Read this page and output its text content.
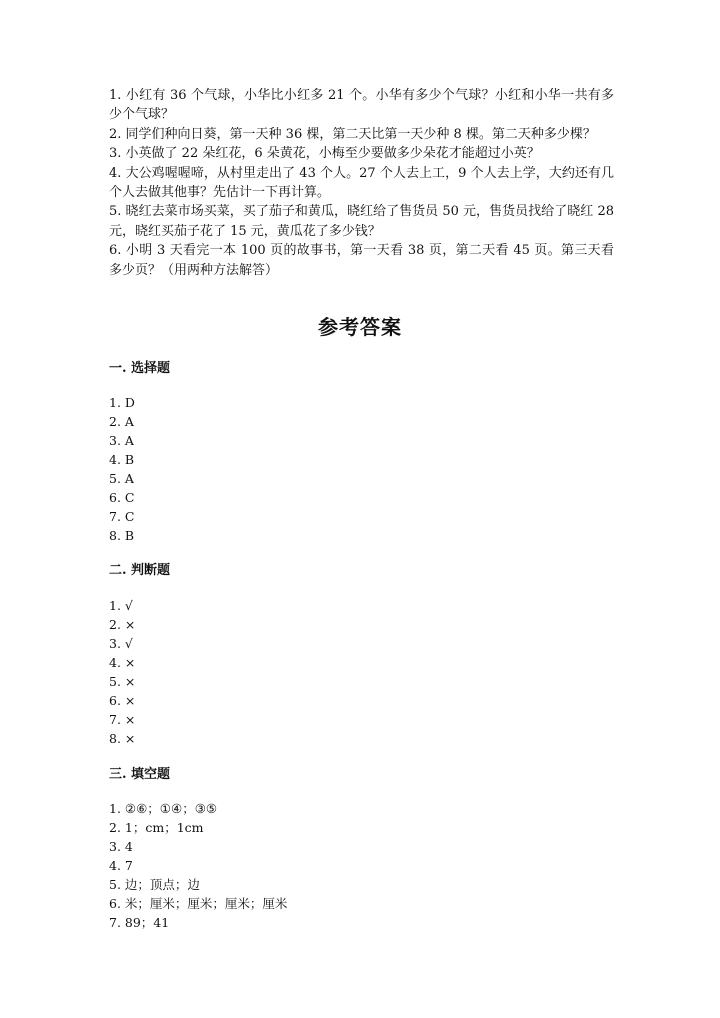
1. 小红有 36 个气球，小华比小红多 21 个。小华有多少个气球？小红和小华一共有多少个气球？

2. 同学们种向日葵，第一天种 36 棵，第二天比第一天少种 8 棵。第二天种多少棵？

3. 小英做了 22 朵红花，6 朵黄花，小梅至少要做多少朵花才能超过小英？

4. 大公鸡喔喔啼，从村里走出了 43 个人。27 个人去上工，9 个人去上学，大约还有几个人去做其他事？先估计一下再计算。

5. 晓红去菜市场买菜，买了茄子和黄瓜，晓红给了售货员 50 元，售货员找给了晓红 28 元，晓红买茄子花了 15 元，黄瓜花了多少钱？

6. 小明 3 天看完一本 100 页的故事书，第一天看 38 页，第二天看 45 页。第三天看多少页？（用两种方法解答）

参考答案
一. 选择题
1. D
2. A
3. A
4. B
5. A
6. C
7. C
8. B
二. 判断题
1. √
2. ×
3. √
4. ×
5. ×
6. ×
7. ×
8. ×
三. 填空题
1. ②⑥；①④；③⑤
2. 1；cm；1cm
3. 4
4. 7
5. 边；顶点；边
6. 米；厘米；厘米；厘米；厘米
7. 89；41
